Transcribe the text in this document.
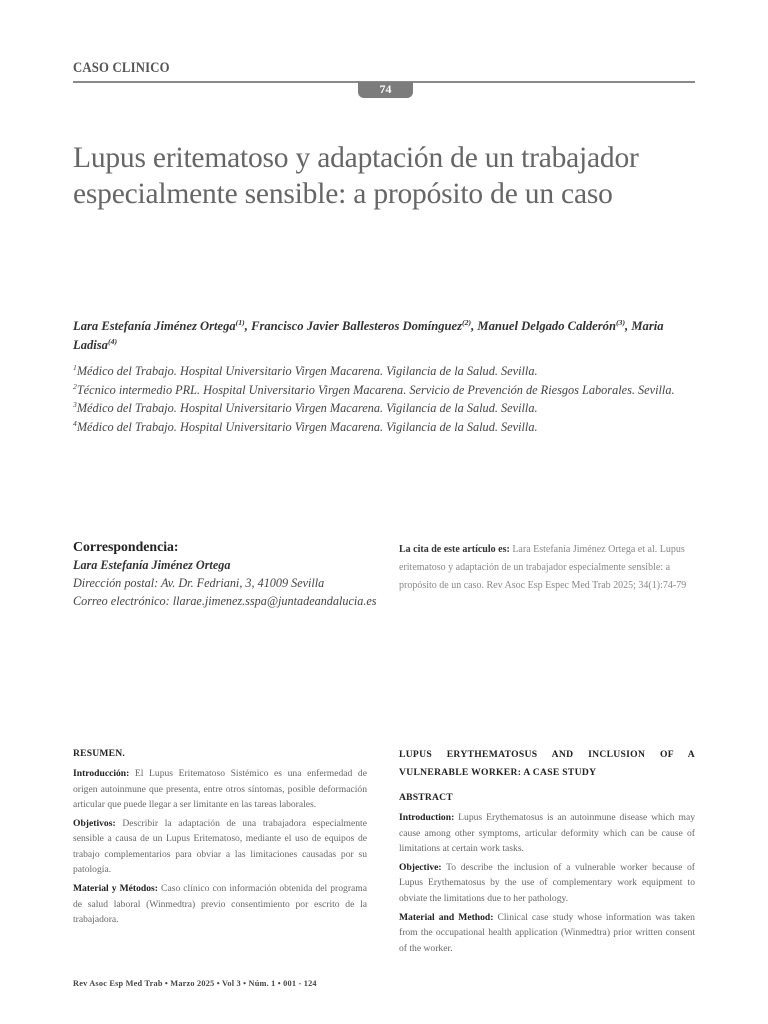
CASO CLINICO
74
Lupus eritematoso y adaptación de un trabajador
especialmente sensible: a propósito de un caso
Lara Estefanía Jiménez Ortega$^{(1)}$, Francisco Javier Ballesteros Domínguez$^{(2)}$, Manuel Delgado Calderón$^{(3)}$, Maria Ladisa$^{(4)}$
$^1$Médico del Trabajo. Hospital Universitario Virgen Macarena. Vigilancia de la Salud. Sevilla.
$^2$Técnico intermedio PRL. Hospital Universitario Virgen Macarena. Servicio de Prevención de Riesgos Laborales. Sevilla.
$^3$Médico del Trabajo. Hospital Universitario Virgen Macarena. Vigilancia de la Salud. Sevilla.
$^4$Médico del Trabajo. Hospital Universitario Virgen Macarena. Vigilancia de la Salud. Sevilla.
Correspondencia:
Lara Estefanía Jiménez Ortega
Dirección postal: Av. Dr. Fedriani, 3, 41009 Sevilla
Correo electrónico: llarae.jimenez.sspa@juntadeandalucia.es
La cita de este artículo es: Lara Estefanía Jiménez Ortega et al. Lupus eritematoso y adaptación de un trabajador especialmente sensible: a propósito de un caso. Rev Asoc Esp Espec Med Trab 2025; 34(1):74-79
RESUMEN.

Introducción: El Lupus Eritematoso Sistémico es una enfermedad de origen autoinmune que presenta, entre otros síntomas, posible deformación articular que puede llegar a ser limitante en las tareas laborales.

Objetivos: Describir la adaptación de una trabajadora especialmente sensible a causa de un Lupus Eritematoso, mediante el uso de equipos de trabajo complementarios para obviar a las limitaciones causadas por su patología.

Material y Métodos: Caso clínico con información obtenida del programa de salud laboral (Winmedtra) previo consentimiento por escrito de la trabajadora.

LUPUS ERYTHEMATOSUS AND INCLUSION OF A VULNERABLE WORKER: A CASE STUDY
ABSTRACT

Introduction: Lupus Erythematosus is an autoinmune disease which may cause among other symptoms, articular deformity which can be cause of limitations at certain work tasks.

Objective: To describe the inclusion of a vulnerable worker because of Lupus Erythematosus by the use of complementary work equipment to obviate the limitations due to her pathology.

Material and Method: Clinical case study whose information was taken from the occupational health application (Winmedtra) prior written consent of the worker.

Rev Asoc Esp Med Trab • Marzo 2025 • Vol 3 • Núm. 1 • 001 - 124
